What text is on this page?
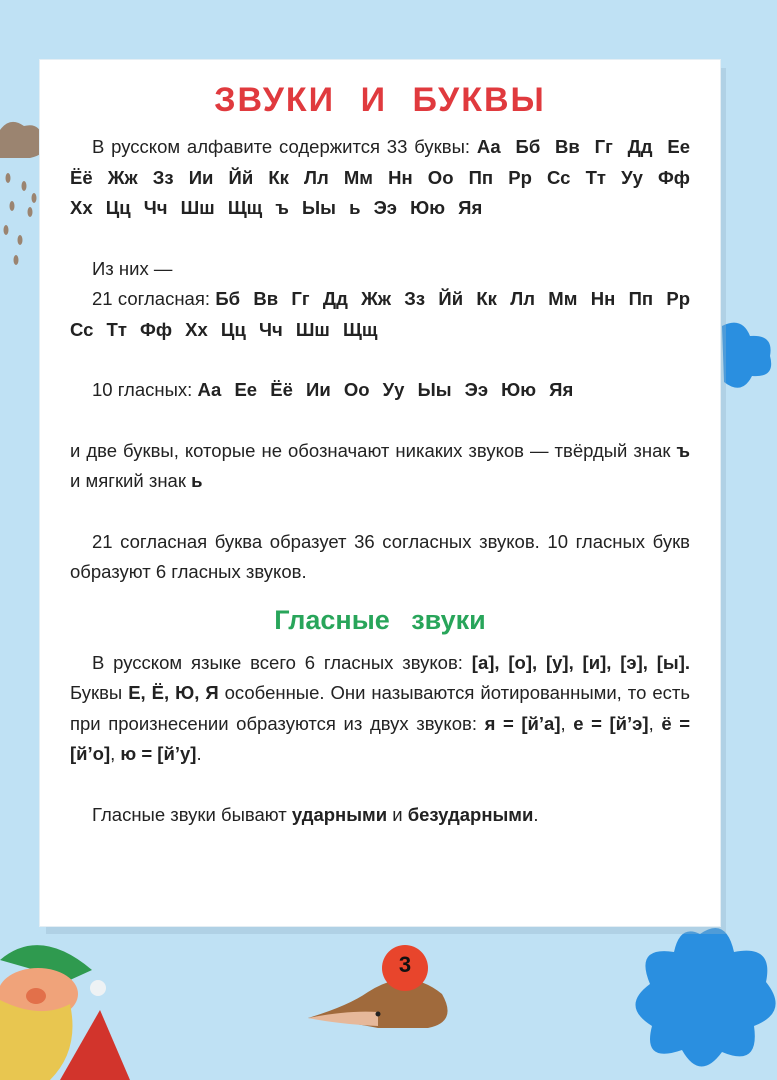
3
ЗВУКИ И БУКВЫ

В русском алфавите содержится 33 буквы: Аа Бб Вв Гг Дд Ее Ёё Жж Зз Ии Йй Кк Лл Мм Нн Оо Пп Рр Сс Тт Уу Фф Хх Цц Чч Шш Щщ ъ Ыы ь Ээ Юю Яя

Из них —

21 согласная: Бб Вв Гг Дд Жж Зз Йй Кк Лл Мм Нн Пп Рр Сс Тт Фф Хх Цц Чч Шш Щщ

10 гласных: Аа Ее Ёё Ии Оо Уу Ыы Ээ Юю Яя

и две буквы, которые не обозначают никаких звуков — твёрдый знак ъ и мягкий знак ь

21 согласная буква образует 36 согласных звуков. 10 гласных букв образуют 6 гласных звуков.

Гласные звуки

В русском языке всего 6 гласных звуков: [а], [о], [у], [и], [э], [ы]. Буквы Е, Ё, Ю, Я особенные. Они называются йотированными, то есть при произнесении образуются из двух звуков: я = [й’а], е = [й’э], ё = [й’о], ю = [й’у].

Гласные звуки бывают ударными и безударными.
